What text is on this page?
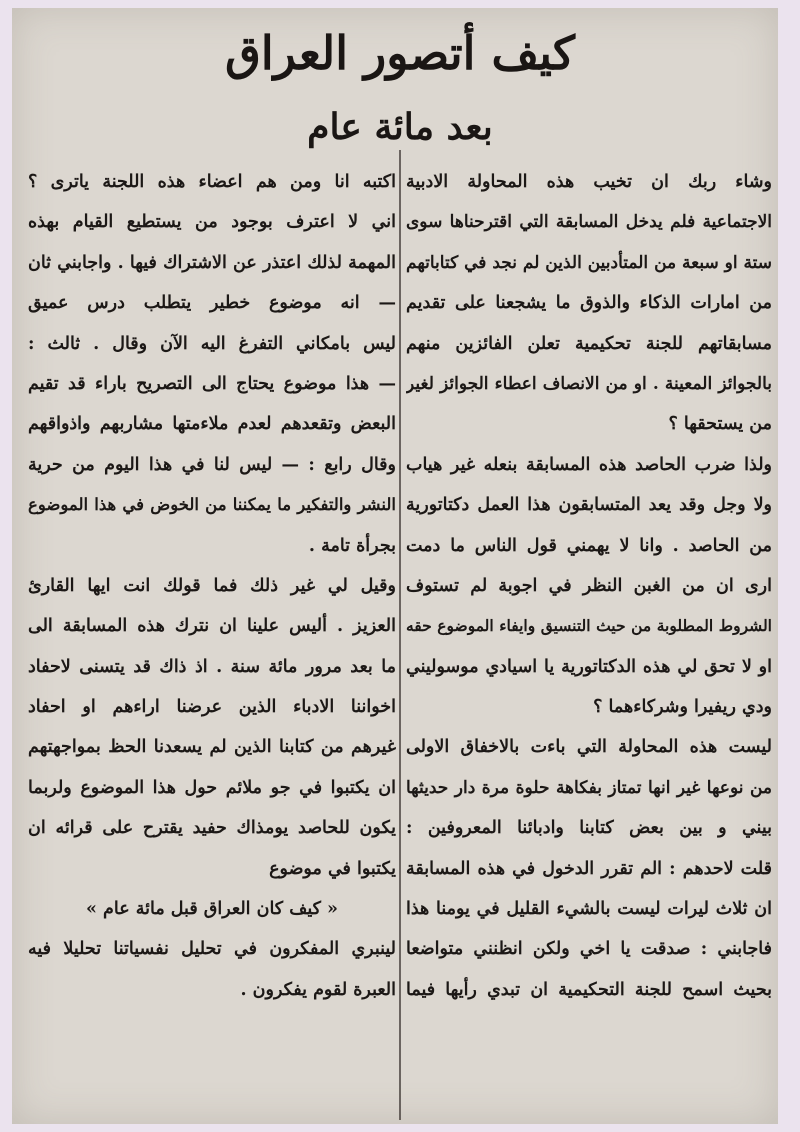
كيف أتصور العراق
بعد مائة عام
وشاء ربك ان تخيب هذه المحاولة الادبية
الاجتماعية فلم يدخل المسابقة التي اقترحناها سوى
ستة او سبعة من المتأدبين الذين لم نجد في كتاباتهم
من امارات الذكاء والذوق ما يشجعنا على تقديم
مسابقاتهم للجنة تحكيمية تعلن الفائزين منهم
بالجوائز المعينة . او من الانصاف اعطاء الجوائز لغير
من يستحقها ؟
ولذا ضرب الحاصد هذه المسابقة بنعله غير هياب
ولا وجل وقد يعد المتسابقون هذا العمل دكتاتورية
من الحاصد . وانا لا يهمني قول الناس ما دمت
ارى ان من الغبن النظر في اجوبة لم تستوف
الشروط المطلوبة من حيث التنسيق وايفاء الموضوع حقه
او لا تحق لي هذه الدكتاتورية يا اسيادي موسوليني
ودي ريفيرا وشركاءهما ؟
ليست هذه المحاولة التي باءت بالاخفاق الاولى
من نوعها غير انها تمتاز بفكاهة حلوة مرة دار حديثها
بيني و بين بعض كتابنا وادبائنا المعروفين :
قلت لاحدهم : الم تقرر الدخول في هذه المسابقة
ان ثلاث ليرات ليست بالشيء القليل في يومنا هذا
فاجابني : صدقت يا اخي ولكن انظنني متواضعا
بحيث اسمح للجنة التحكيمية ان تبدي رأيها فيما
اكتبه انا ومن هم اعضاء هذه اللجنة ياترى ؟
اني لا اعترف بوجود من يستطيع القيام بهذه
المهمة لذلك اعتذر عن الاشتراك فيها . واجابني ثان
— انه موضوع خطير يتطلب درس عميق
ليس بامكاني التفرغ اليه الآن وقال . ثالث :
— هذا موضوع يحتاج الى التصريح باراء قد تقيم
البعض وتقعدهم لعدم ملاءمتها مشاربهم واذواقهم
وقال رابع : — ليس لنا في هذا اليوم من حرية
النشر والتفكير ما يمكننا من الخوض في هذا الموضوع
بجرأة تامة .
وقيل لي غير ذلك فما قولك انت ايها القارئ
العزيز . أليس علينا ان نترك هذه المسابقة الى
ما بعد مرور مائة سنة . اذ ذاك قد يتسنى لاحفاد
اخواننا الادباء الذين عرضنا اراءهم او احفاد
غيرهم من كتابنا الذين لم يسعدنا الحظ بمواجهتهم
ان يكتبوا في جو ملائم حول هذا الموضوع ولربما
يكون للحاصد يومذاك حفيد يقترح على قرائه ان
يكتبوا في موضوع
« كيف كان العراق قبل مائة عام »
لينبري المفكرون في تحليل نفسياتنا تحليلا فيه
العبرة لقوم يفكرون .
